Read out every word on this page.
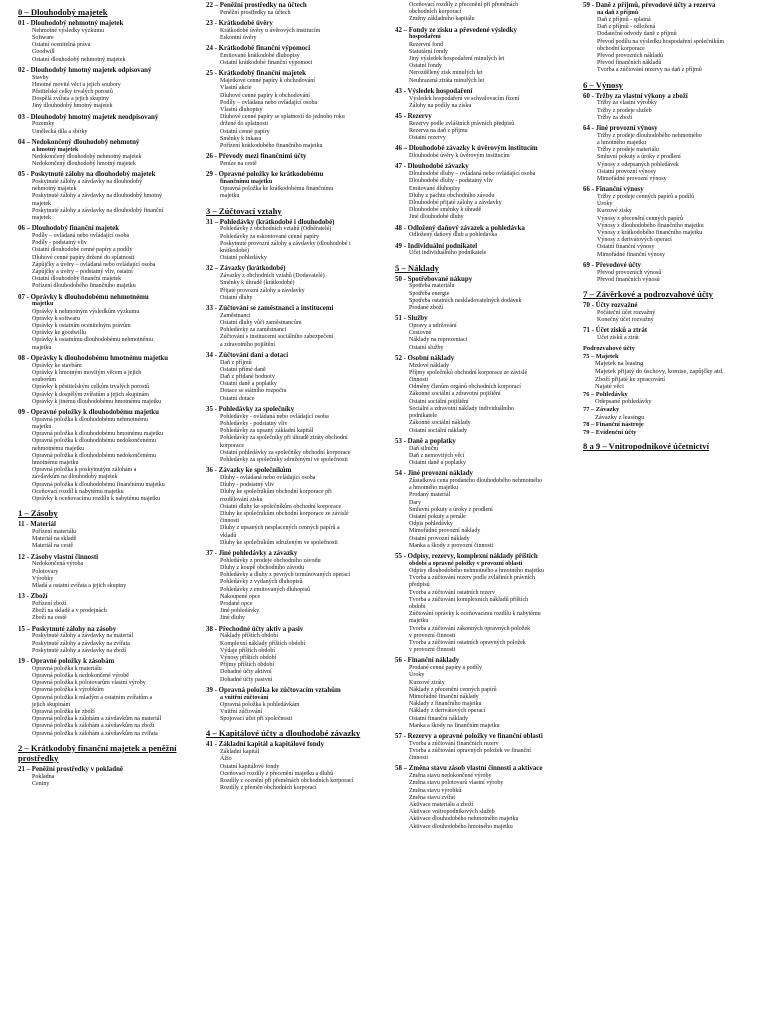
0 – Dlouhodobý majetek
01 - Dlouhodobý nehmotný majetek
Nehmotné výsledky výzkumu
Software
Ostatní ocenitelná práva
Goodwill
Ostatní dlouhodobý nehmotný majetek
02 - Dlouhodobý hmotný majetek odpisovaný
Stavby
Hmotné movité věci a jejich soubory
Pěstitelské celky trvalých porostů
Dospělá zvířata a jejich skupiny
Jiný dlouhodobý hmotný majetek
03 - Dlouhodobý hmotný majetek neodpisovaný
Pozemky
Umělecká díla a sbírky
04 – Nedokončený dlouhodobý nehmotný
a hmotný majetek
Nedokončený dlouhodobý nehmotný majetek
Nedokončený dlouhodobý hmotný majetek
05 - Poskytnuté zálohy na dlouhodobý majetek
Poskytnuté zálohy a závdavky na dlouhodobý
nehmotný majetek
Poskytnuté zálohy a závdavky na dlouhodobý hmotný
majetek
Poskytnuté zálohy a závdavky na dlouhodobý finanční
majetek
06 – Dlouhodobý finanční majetek
Podíly – ovládaná nebo ovládající osoba
Podíly - podstatný vliv
Ostatní dlouhodobé cenné papíry a podíly
Dluhové cenné papíry držené do splatnosti
Zápůjčky a úvěry – ovládaná nebo ovládající osoba
Zápůjčky a úvěry – podstatný vliv, ostatní
Ostatní dlouhodobý finanční majetek
Pořízení dlouhodobého finančního majetku
07 - Oprávky k dlouhodobému nehmotnému
majetku
Oprávky k nehmotným výsledkům výzkumu
Oprávky k softwaru
Oprávky k ostatním ocenitelným právům
Oprávky ke goodwillu
Oprávky k ostatnímu dlouhodobému nehmotnému
majetku
08 - Oprávky k dlouhodobému hmotnému majetku
Oprávky ke stavbám
Oprávky k hmotným movitým věcem a jejich
souborům
Oprávky k pěstitelským celkům trvalých porostů
Oprávky k dospělým zvířatům a jejich skupinám
Oprávky k jinému dlouhodobému hmotnému majetku
09 - Opravné položky k dlouhodobému majetku
Opravná položka k dlouhodobému nehmotnému
majetku
Opravná položka k dlouhodobému hmotnému majetku
Opravná položka k dlouhodobému nedokončenému
nehmotnému majetku
Opravná položka k dlouhodobému nedokončenému
hmotnému majetku
Opravná položka k poskytnutým zálohám a
závdavkům na dlouhodobý majetek
Opravná položka k dlouhodobému finančnímu majetku
Oceňovací rozdíl k nabytému majetku
Oprávky k oceňovacímu rozdílu k nabytému majetku
1 – Zásoby
11 - Materiál
Pořízení materiálu
Materiál na skladě
Materiál na cestě
12 - Zásoby vlastní činnosti
Nedokončená výroba
Polotovary
Výrobky
Mladá a ostatní zvířata a jejich skupiny
13 - Zboží
Pořízení zboží
Zboží na skladě a v prodejnách
Zboží na cestě
15 – Poskytnuté zálohy na zásoby
Poskytnuté zálohy a závdavky na materiál
Poskytnuté zálohy a závdavky na zvířata
Poskytnuté zálohy a závdavky na zboží
19 - Opravné položky k zásobám
Opravná položka k materiálu
Opravná položka k nedokončené výrobě
Opravná položka k polotovarům vlastní výroby
Opravná položka k výrobkům
Opravná položka k mladým a ostatním zvířatům a
jejich skupinám
Opravná položka ke zboží
Opravná položka k zálohám a závdavkům na materiál
Opravná položka k zálohám a závdavkům na zboží
Opravná položka k zálohám a závdavkům na zvířata
2 – Krátkodobý finanční majetek a peněžní prostředky
21 – Peněžní prostředky v pokladně
Pokladna
Ceniny
22 – Peněžní prostředky na účtech
Peněžní prostředky na účtech
23 - Krátkodobé úvěry
Krátkodobé úvěry u úvěrových institucím
Eskontní úvěry
24 - Krátkodobé finanční výpomoci
Emitované krátkodobé dluhopisy
Ostatní krátkodobé finanční výpomoci
25 - Krátkodobý finanční majetek
Majetkové cenné papíry k obchodování
Vlastní akcie
Dluhové cenné papíry k obchodování
Podíly – ovládaná nebo ovládající osoba
Vlastní dluhopisy
Dluhové cenné papíry se splatností do jednoho roku
držené do splatnosti
Ostatní cenné papíry
Směnky k inkasu
Pořízení krátkodobého finančního majetku
26 - Převody mezi finančními účty
Peníze na cestě
29 - Opravné položky ke krátkodobému
finančnímu majetku
Opravná položka ke krátkodobému finančnímu
majetku
3 – Zúčtovací vztahy
31 – Pohledávky (krátkodobé i dlouhodobé)
Pohledávky z obchodních vztahů (Odběratelé)
Pohledávky za eskontované cenné papíry
Poskytnuté provozní zálohy a závdavky (dlouhodobé i
krátkodobé)
Ostatní pohledávky
32 – Závazky (krátkodobé)
Závazky z obchodních vztahů (Dodavatelé)
Směnky k úhradě (krátkodobé)
Přijaté provozní zálohy a závdavky
Ostatní dluhy
33 - Zúčtování se zaměstnanci a institucemi
Zaměstnanci
Ostatní dluhy vůči zaměstnancům
Pohledávky za zaměstnanci
Zúčtování s institucemi sociálního zabezpečení
a zdravotního pojištění
34 - Zúčtování daní a dotací
Daň z příjmů
Ostatní přímé daně
Daň z přidané hodnoty
Ostatní daně a poplatky
Dotace se státního rozpočtu
Ostatní dotace
35 - Pohledávky za společníky
Pohledávky - ovládaná nebo ovládající osoba
Pohledávky - podstatný vliv
Pohledávky za upsaný základní kapitál
Pohledávky za společníky při úhradě ztráty obchodní
korporace
Ostatní pohledávky za společníky obchodní korporace
Pohledávky za společníky sdruženými ve společnosti
36 - Závazky ke společníkům
Dluhy - ovládaná nebo ovládající osoba
Dluhy - podstatný vliv
Dluhy ke společníkům obchodní korporace při
rozdělování zisku
Ostatní dluhy ke společníkům obchodní korporace
Dluhy ke společníkům obchodní korporace ze závislé
činnosti
Dluhy z upsaných nesplacených cenných papírů a
vkladů
Dluhy ke společníkům sdruženým ve společnosti
37 - Jiné pohledávky a závazky
Pohledávky z prodeje obchodního závodu
Dluhy z koupě obchodního závodu
Pohledávky a dluhy z pevných termínovaných operací
Pohledávky z vydaných dluhopisů
Pohledávky z emitovaných dluhopisů
Nakoupené opce
Prodané opce
Jiné pohledávky
Jiné dluhy
38 - Přechodné účty aktiv a pasiv
Náklady příštích období
Komplexní náklady příštích období
Výdaje příštích období
Výnosy příštích období
Příjmy příštích období
Dohadné účty aktivní
Dohadné účty pasivní
39 - Opravná položka ke zúčtovacím vztahům
a vnitřní zúčtování
Opravná položka k pohledávkám
Vnitřní zúčtování
Spojovací účet při společnosti
4 – Kapitálové účty a dlouhodobé závazky
41 - Základní kapitál a kapitálové fondy
Základní kapitál
Ážio
Ostatní kapitálové fondy
Oceňovací rozdíly z přecenění majetku a dluhů
Rozdíly z ocenění při přeměnách obchodních korporací
Rozdíly z přeměn obchodních korporací
Oceňovací rozdíly z přecenění při přeměnách
obchodních korporací
Změny základního kapitálu
42 – Fondy ze zisku a převedené výsledky
hospodaření
Rezervní fond
Statutární fondy
Jiný výsledek hospodaření minulých let
Ostatní fondy
Nerozdělený zisk minulých let
Neuhrazená ztráta minulých let
43 - Výsledek hospodaření
Výsledek hospodaření ve schvalovacím řízení
Zálohy na podíly na zisku
45 - Rezervy
Rezervy podle zvláštních právních předpisů
Rezerva na daň z příjmu
Ostatní rezervy
46 – Dlouhodobé závazky k úvěrovým institucím
Dlouhodobé úvěry k úvěrovým institucím
47 - Dlouhodobé závazky
Dlouhodobé dluhy – ovládaná nebo ovládající osoba
Dlouhodobé dluhy - podstatný vliv
Emitované dluhopisy
Dluhy z pachtu obchodního závodu
Dlouhodobé přijaté zálohy a závdavky
Dlouhodobé směnky k úhradě
Jiné dlouhodobé dluhy
48 - Odložený daňový závazek a pohledávka
Odložený daňový dluh a pohledávka
49 - Individuální podnikatel
Účet individuálního podnikatele
5 – Náklady
50 - Spotřebované nákupy
Spotřeba materiálu
Spotřeba energie
Spotřeba ostatních neskladovatelných dodávek
Prodané zboží
51 - Služby
Opravy a udržování
Cestovné
Náklady na reprezentaci
Ostatní služby
52 - Osobní náklady
Mzdové náklady
Příjmy společníků obchodní korporace ze závislé
činnosti
Odměny členům orgánů obchodních korporací
Zákonné sociální a zdravotní pojištění
Ostatní sociální pojištění
Sociální a zdravotní náklady individuálního
podnikatele
Zákonné sociální náklady
Ostatní sociální náklady
53 - Daně a poplatky
Daň silniční
Daň z nemovitých věcí
Ostatní daně a poplatky
54 - Jiné provozní náklady
Zůstatková cena prodaného dlouhodobého nehmotného
a hmotného majetku
Prodaný materiál
Dary
Smluvní pokuty a úroky z prodlení
Ostatní pokuty a penále
Odpis pohledávky
Mimořádné provozní náklady
Ostatní provozní náklady
Manka a škody z provozní činnosti
55 - Odpisy, rezervy, komplexní náklady příštích
období a opravné položky v provozní oblasti
Odpisy dlouhodobého nehmotného a hmotného majetku
Tvorba a zúčtování rezerv podle zvláštních právních
předpisů
Tvorba a zúčtování ostatních rezerv
Tvorba a zúčtování komplexních nákladů příštích
období
Zúčtování oprávky k oceňovacímu rozdílu k nabytému
majetku
Tvorba a zúčtování zákonných opravných položek
v provozní činnosti
Tvorba a zúčtování ostatních opravných položek
v provozní činnosti
56 - Finanční náklady
Prodané cenné papíry a podíly
Úroky
Kurzové ztráty
Náklady z přecenění cenných papírů
Mimořádné finanční náklady
Náklady z finančního majetku
Náklady z derivátových operací
Ostatní finanční náklady
Manka a škody na finančním majetku
57 - Rezervy a opravné položky ve finanční oblasti
Tvorba a zúčtování finančních rezerv
Tvorba a zúčtování opravných položek ve finanční
činnosti
58 – Změna stavu zásob vlastní činnosti a aktivace
Změna stavu nedokončené výroby
Změna stavu polotovarů vlastní výroby
Změna stavu výrobků
Změna stavu zvířat
Aktivace materiálu a zboží
Aktivace vnitropodnikových služeb
Aktivace dlouhodobého nehmotného majetku
Aktivace dlouhodobého hmotného majetku
59 - Daně z příjmů, převodové účty a rezerva
na daň z příjmů
Daň z příjmů - splatná
Daň z příjmů - odložená
Dodatečné odvody daně z příjmů
Převod podílu na výsledku hospodaření společníkům
obchodní korporace
Převod provozních nákladů
Převod finančních nákladů
Tvorba a zúčtování rezervy na daň z příjmů
6 – Výnosy
60 - Tržby za vlastní výkony a zboží
Tržby za vlastní výrobky
Tržby z prodeje služeb
Tržby za zboží
64 - Jiné provozní výnosy
Tržby z prodeje dlouhodobého nehmotného
a hmotného majetku
Tržby z prodeje materiálu
Smluvní pokuty a úroky z prodlení
Výnosy z odepsaných pohledávek
Ostatní provozní výnosy
Mimořádné provozní výnosy
66 - Finanční výnosy
Tržby z prodeje cenných papírů a podílů
Úroky
Kurzové zisky
Výnosy z přecenění cenných papírů
Výnosy z dlouhodobého finančního majetku
Výnosy z krátkodobého finančního majetku
Výnosy z derivátových operací
Ostatní finanční výnosy
Mimořádné finanční výnosy
69 - Převodové účty
Převod provozních výnosů
Převod finančních výnosů
7 – Závěrkové a podrozvahové účty
70 - Účty rozvažné
Počáteční účet rozvažný
Konečný účet rozvažný
71 - Účet zisků a ztrát
Účet zisků a ztrát
Podrozvahové účty
75 – Majetek
Majetek na leasing
Majetek přijatý do úschovy, komise, zapůjčky atd.
Zboží přijaté ke zpracování
Najaté věci
76 – Pohledávky
Odepsané pohledávky
77 – Závazky
Závazky z leasingu
78 – Finanční nástroje
79 – Evidenční účty
8 a 9 – Vnitropodnikové účetnictví
